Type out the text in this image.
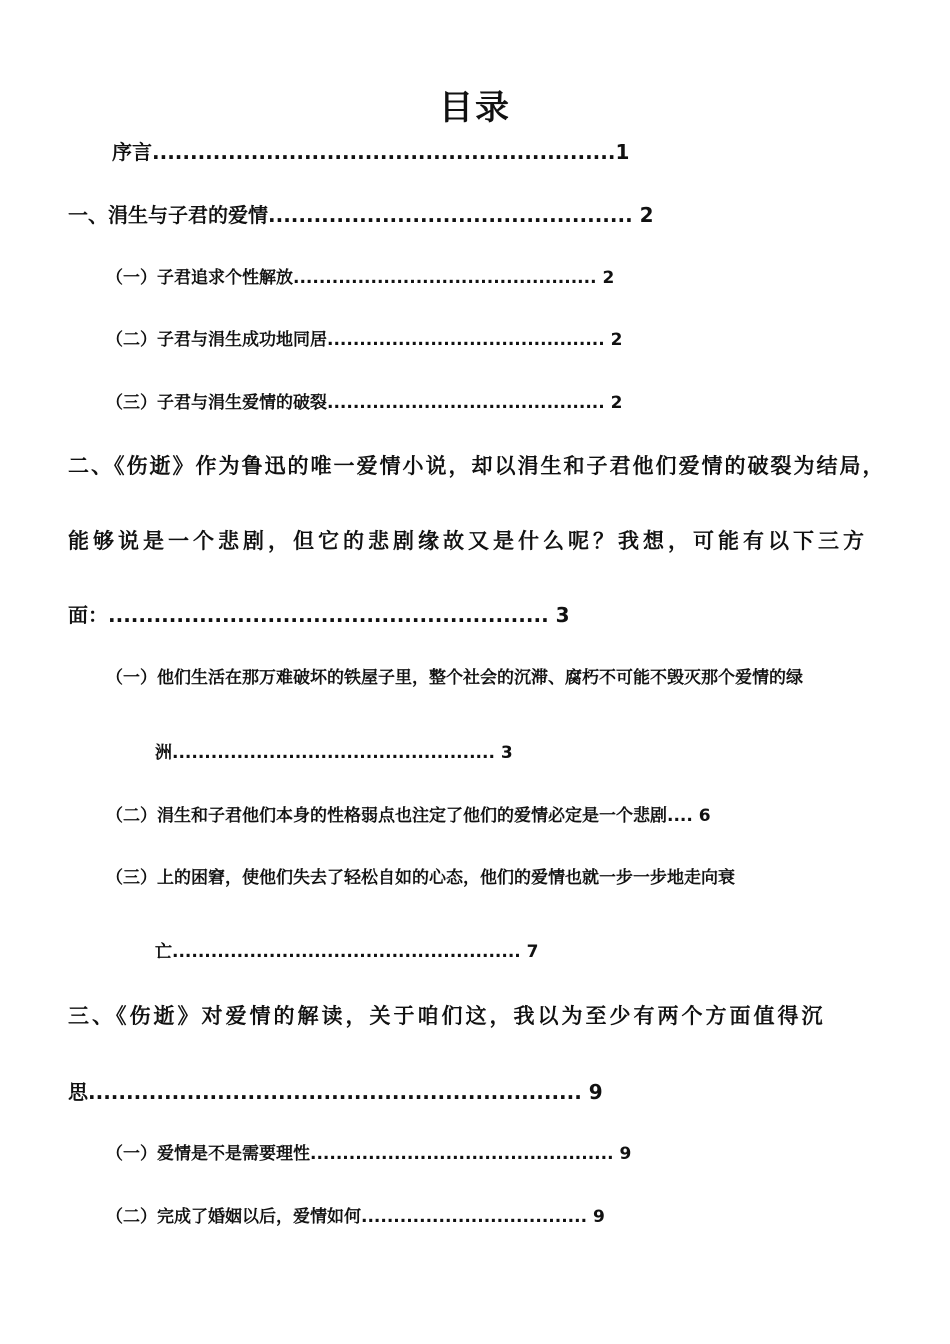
目录
序言.............................................................1
一、涓生与子君的爱情................................................ 2
（一）子君追求个性解放............................................... 2
（二）子君与涓生成功地同居........................................... 2
（三）子君与涓生爱情的破裂........................................... 2
二、《伤逝》作为鲁迅的唯一爱情小说，却以涓生和子君他们爱情的破裂为结局，
能够说是一个悲剧，但它的悲剧缘故又是什么呢？我想，可能有以下三方
面：.......................................................... 3
（一）他们生活在那万难破坏的铁屋子里，整个社会的沉滞、腐朽不可能不毁灭那个爱情的绿
洲.................................................. 3
（二）涓生和子君他们本身的性格弱点也注定了他们的爱情必定是一个悲剧.... 6
（三）上的困窘，使他们失去了轻松自如的心态，他们的爱情也就一步一步地走向衰
亡...................................................... 7
三、《伤逝》对爱情的解读，关于咱们这，我以为至少有两个方面值得沉
思................................................................. 9
（一）爱情是不是需要理性............................................... 9
（二）完成了婚姻以后，爱情如何................................... 9
